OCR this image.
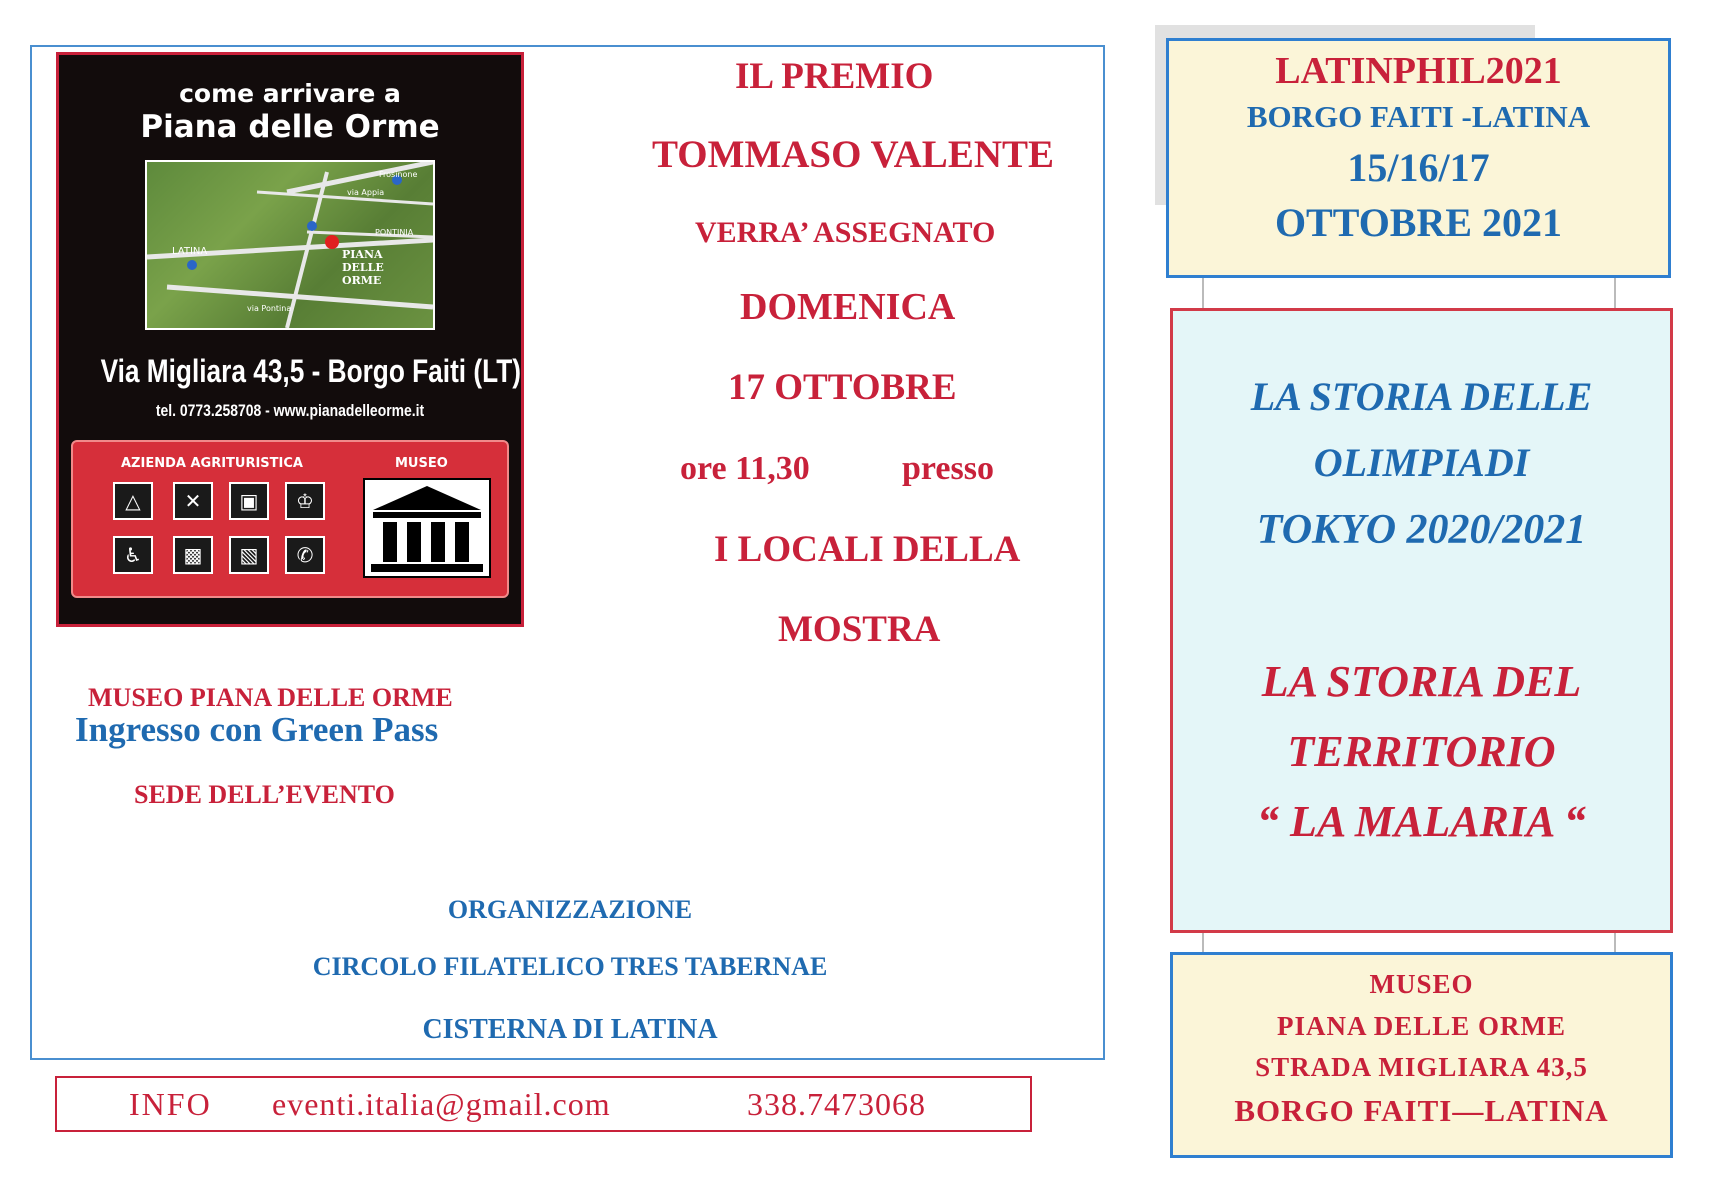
come arrivare a
Piana delle Orme
LATINA	PIANA DELLE ORME
Frosinone
via Appia
PONTINIA
via Pontina
Via Migliara 43,5 - Borgo Faiti (LT)
tel. 0773.258708 - www.pianadelleorme.it
AZIENDA AGRITURISTICA	MUSEO
△	✕	▣	♔
♿	▩	▧	✆
MUSEO PIANA DELLE ORME
Ingresso con Green Pass
SEDE DELL’EVENTO
ORGANIZZAZIONE
CIRCOLO FILATELICO TRES TABERNAE
CISTERNA DI LATINA
IL PREMIO
TOMMASO VALENTE
VERRA’ ASSEGNATO
DOMENICA
17 OTTOBRE
ore 11,30	presso
I LOCALI DELLA
MOSTRA
INFO eventi.italia@gmail.com	338.7473068
LATINPHIL2021
BORGO FAITI -LATINA
15/16/17
OTTOBRE 2021
LA STORIA DELLE
OLIMPIADI
TOKYO 2020/2021
LA STORIA DEL
TERRITORIO
“ LA MALARIA “
MUSEO
PIANA DELLE ORME
STRADA MIGLIARA 43,5
BORGO FAITI—LATINA
